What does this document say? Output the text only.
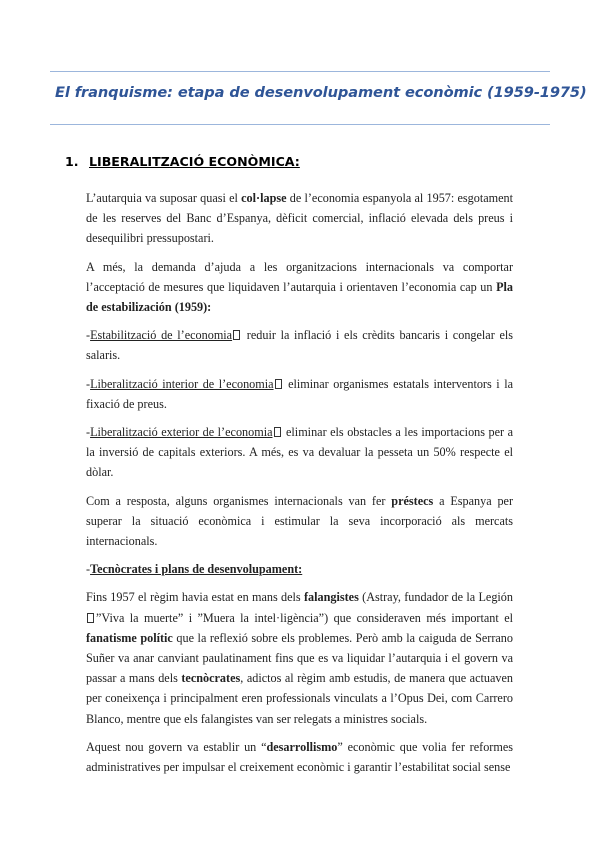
El franquisme: etapa de desenvolupament econòmic (1959-1975)
1. LIBERALITZACIÓ ECONÒMICA:

L’autarquia va suposar quasi el col·lapse de l’economia espanyola al 1957: esgotament de les reserves del Banc d’Espanya, dèficit comercial, inflació elevada dels preus i desequilibri pressupostari.

A més, la demanda d’ajuda a les organitzacions internacionals va comportar l’acceptació de mesures que liquidaven l’autarquia i orientaven l’economia cap un Pla de estabilización (1959):

-Estabilització de l’economia reduir la inflació i els crèdits bancaris i congelar els salaris.

-Liberalització interior de l’economia eliminar organismes estatals interventors i la fixació de preus.

-Liberalització exterior de l’economia eliminar els obstacles a les importacions per a la inversió de capitals exteriors. A més, es va devaluar la pesseta un 50% respecte el dòlar.

Com a resposta, alguns organismes internacionals van fer préstecs a Espanya per superar la situació econòmica i estimular la seva incorporació als mercats internacionals.

-Tecnòcrates i plans de desenvolupament:

Fins 1957 el règim havia estat en mans dels falangistes (Astray, fundador de la Legión”Viva la muerte” i ”Muera la intel·ligència”) que consideraven més important el fanatisme polític que la reflexió sobre els problemes. Però amb la caiguda de Serrano Suñer va anar canviant paulatinament fins que es va liquidar l’autarquia i el govern va passar a mans dels tecnòcrates, adictos al règim amb estudis, de manera que actuaven per coneixença i principalment eren professionals vinculats a l’Opus Dei, com Carrero Blanco, mentre que els falangistes van ser relegats a ministres socials.

Aquest nou govern va establir un “desarrollismo” econòmic que volia fer reformes administratives per impulsar el creixement econòmic i garantir l’estabilitat social sense
